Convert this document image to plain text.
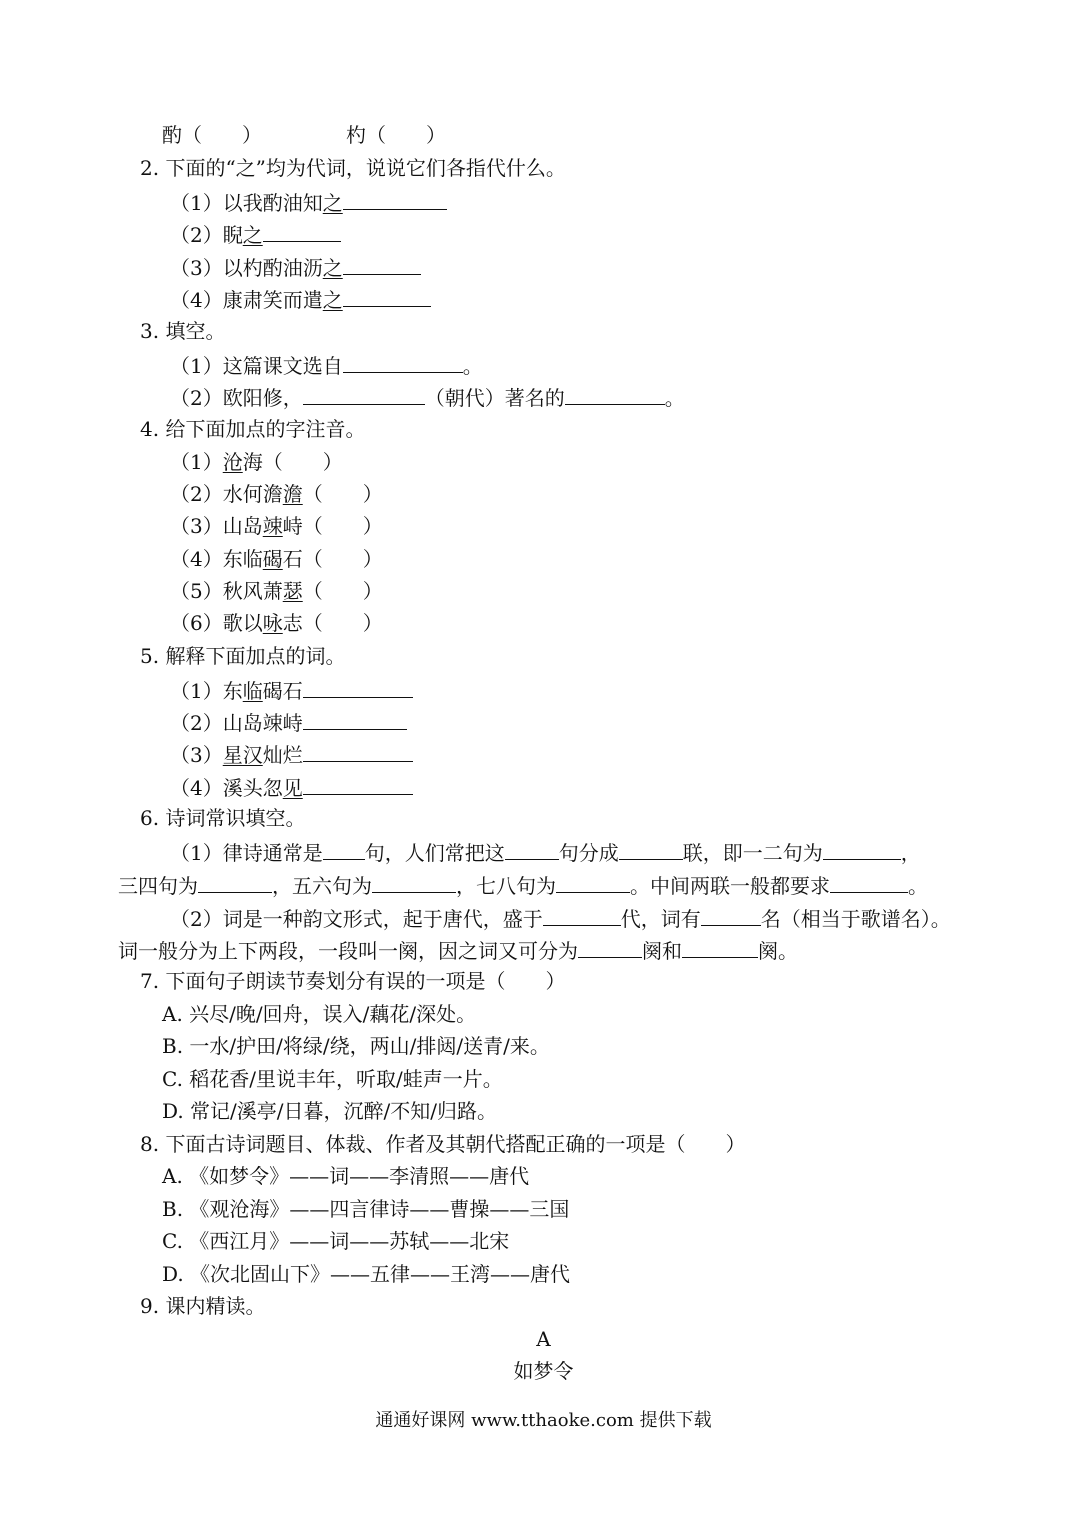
酌（　　）	杓（　　）
2. 下面的“之”均为代词，说说它们各指代什么。
（1）以我酌油知之
（2）睨之
（3）以杓酌油沥之
（4）康肃笑而遣之
3. 填空。
（1）这篇课文选自	。
（2）欧阳修，	（朝代）著名的	。
4. 给下面加点的字注音。
（1）沧海（　　）
（2）水何澹澹（　　）
（3）山岛竦峙（　　）
（4）东临碣石（　　）
（5）秋风萧瑟（　　）
（6）歌以咏志（　　）
5. 解释下面加点的词。
（1）东临碣石
（2）山岛竦峙
（3）星汉灿烂
（4）溪头忽见
6. 诗词常识填空。
（1）律诗通常是 句，人们常把这	句分成	联，即一二句为	，
三四句为	，五六句为	，七八句为	。中间两联一般都要求	。
（2）词是一种韵文形式，起于唐代，盛于	代，词有	名（相当于歌谱名）。
词一般分为上下两段，一段叫一阕，因之词又可分为	阕和	阕。
7. 下面句子朗读节奏划分有误的一项是（　　）
A. 兴尽/晚/回舟，误入/藕花/深处。
B. 一水/护田/将绿/绕，两山/排闼/送青/来。
C. 稻花香/里说丰年，听取/蛙声一片。
D. 常记/溪亭/日暮，沉醉/不知/归路。
8. 下面古诗词题目、体裁、作者及其朝代搭配正确的一项是（　　）
A. 《如梦令》——词——李清照——唐代
B. 《观沧海》——四言律诗——曹操——三国
C. 《西江月》——词——苏轼——北宋
D. 《次北固山下》——五律——王湾——唐代
9. 课内精读。
A
如梦令
通通好课网 www.tthaoke.com 提供下载
